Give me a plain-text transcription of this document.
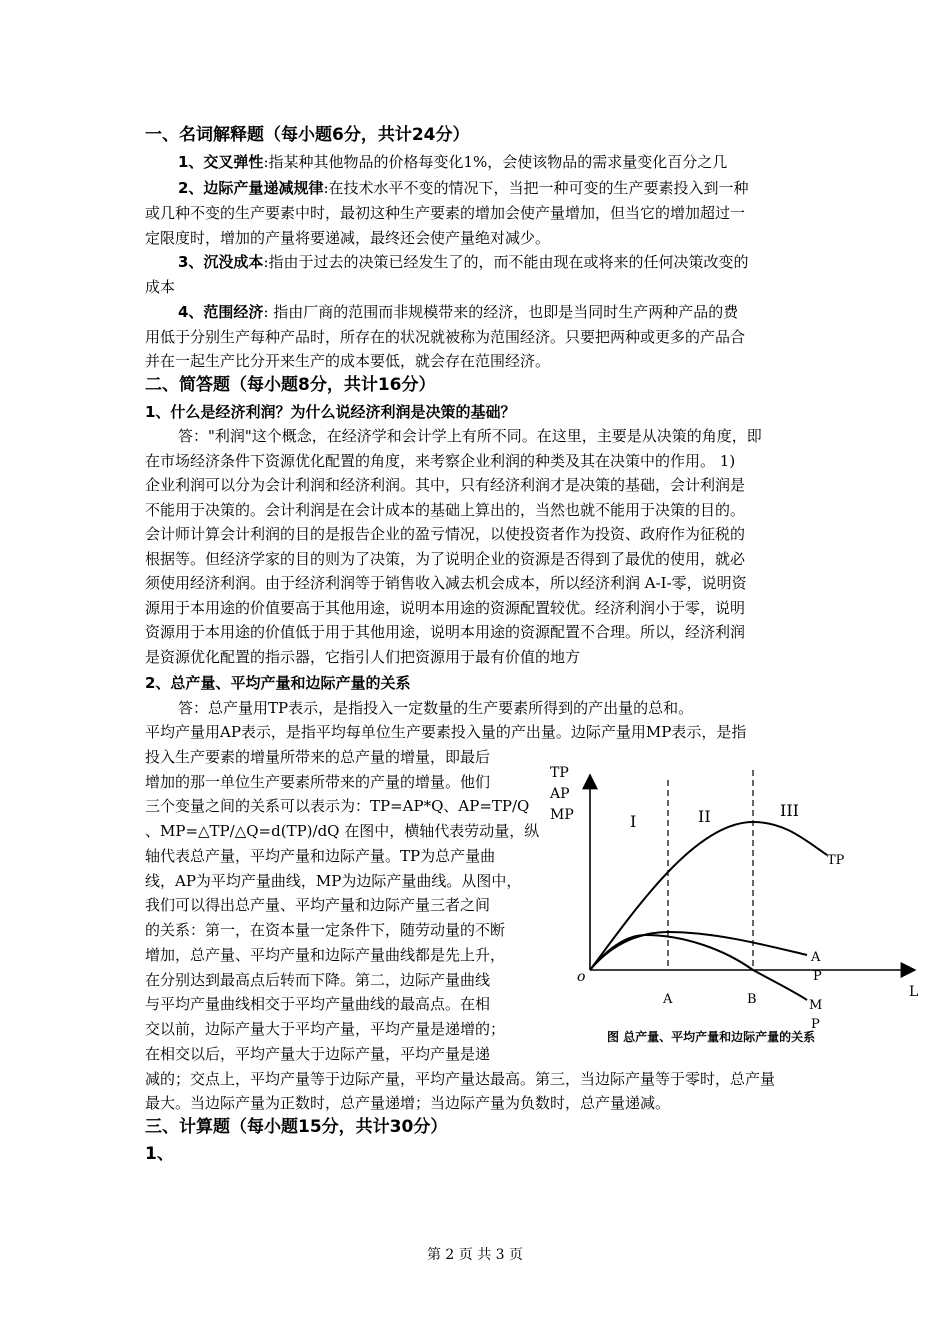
一、名词解释题（每小题6分，共计24分）
1、交叉弹性:指某种其他物品的价格每变化1%，会使该物品的需求量变化百分之几
2、边际产量递减规律:在技术水平不变的情况下，当把一种可变的生产要素投入到一种
或几种不变的生产要素中时，最初这种生产要素的增加会使产量增加，但当它的增加超过一
定限度时，增加的产量将要递减，最终还会使产量绝对减少。
3、沉没成本:指由于过去的决策已经发生了的，而不能由现在或将来的任何决策改变的
成本
4、范围经济: 指由厂商的范围而非规模带来的经济，也即是当同时生产两种产品的费
用低于分别生产每种产品时，所存在的状况就被称为范围经济。只要把两种或更多的产品合
并在一起生产比分开来生产的成本要低，就会存在范围经济。
二、简答题（每小题8分，共计16分）
1、什么是经济利润？为什么说经济利润是决策的基础？
答："利润"这个概念，在经济学和会计学上有所不同。在这里，主要是从决策的角度，即
在市场经济条件下资源优化配置的角度，来考察企业利润的种类及其在决策中的作用。 1)
企业利润可以分为会计利润和经济利润。其中，只有经济利润才是决策的基础，会计利润是
不能用于决策的。会计利润是在会计成本的基础上算出的，当然也就不能用于决策的目的。
会计师计算会计利润的目的是报告企业的盈亏情况，以使投资者作为投资、政府作为征税的
根据等。但经济学家的目的则为了决策，为了说明企业的资源是否得到了最优的使用，就必
须使用经济利润。由于经济利润等于销售收入减去机会成本，所以经济利润 A-I-零，说明资
源用于本用途的价值要高于其他用途，说明本用途的资源配置较优。经济利润小于零，说明
资源用于本用途的价值低于用于其他用途，说明本用途的资源配置不合理。所以，经济利润
是资源优化配置的指示器，它指引人们把资源用于最有价值的地方
2、总产量、平均产量和边际产量的关系
答：总产量用TP表示，是指投入一定数量的生产要素所得到的产出量的总和。
平均产量用AP表示，是指平均每单位生产要素投入量的产出量。边际产量用MP表示，是指
投入生产要素的增量所带来的总产量的增量，即最后
增加的那一单位生产要素所带来的产量的增量。他们
三个变量之间的关系可以表示为：TP=AP*Q、AP=TP/Q
、MP=△TP/△Q=d(TP)/dQ 在图中，横轴代表劳动量，纵
轴代表总产量，平均产量和边际产量。TP为总产量曲
线，AP为平均产量曲线，MP为边际产量曲线。从图中，
我们可以得出总产量、平均产量和边际产量三者之间
的关系：第一，在资本量一定条件下，随劳动量的不断
增加，总产量、平均产量和边际产量曲线都是先上升，
在分别达到最高点后转而下降。第二，边际产量曲线
与平均产量曲线相交于平均产量曲线的最高点。在相
交以前，边际产量大于平均产量，平均产量是递增的；
在相交以后，平均产量大于边际产量，平均产量是递
减的；交点上，平均产量等于边际产量，平均产量达最高。第三，当边际产量等于零时，总产量
最大。当边际产量为正数时，总产量递增；当边际产量为负数时，总产量递减。
三、计算题（每小题15分，共计30分）
1、
TP
AP
MP	I	II	III
TP
A
P
M
P
o
L
A	B
图 总产量、平均产量和边际产量的关系
第 2 页 共 3 页
